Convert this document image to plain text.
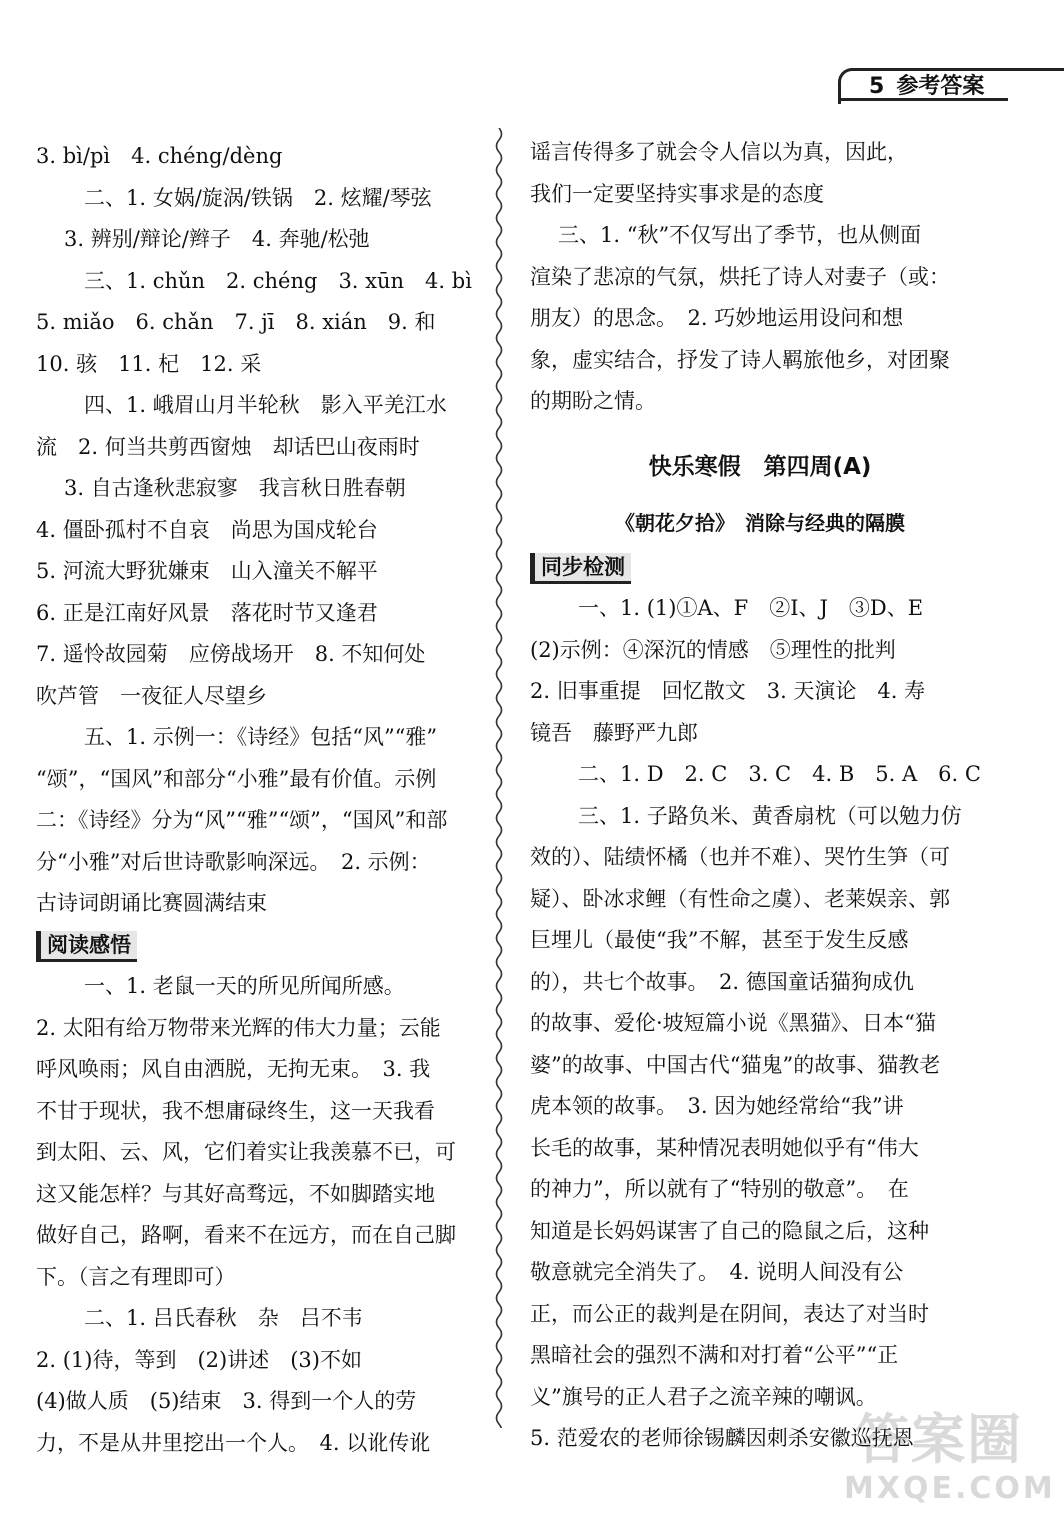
5 参考答案
3. bì/pì　4. chéng/dèng
二、1. 女娲/旋涡/铁锅　2. 炫耀/琴弦
3. 辨别/辩论/辫子　4. 奔驰/松弛
三、1. chǔn　2. chéng　3. xūn　4. bì
5. miǎo　6. chǎn　7. jī　8. xián　9. 和
10. 骇　11. 杞　12. 采
四、1. 峨眉山月半轮秋　影入平羌江水
流　2. 何当共剪西窗烛　却话巴山夜雨时
3. 自古逢秋悲寂寥　我言秋日胜春朝
4. 僵卧孤村不自哀　尚思为国戍轮台
5. 河流大野犹嫌束　山入潼关不解平
6. 正是江南好风景　落花时节又逢君
7. 遥怜故园菊　应傍战场开　8. 不知何处
吹芦管　一夜征人尽望乡
五、1. 示例一：《诗经》包括“风”“雅”
“颂”，“国风”和部分“小雅”最有价值。示例
二：《诗经》分为“风”“雅”“颂”，“国风”和部
分“小雅”对后世诗歌影响深远。　2. 示例：
古诗词朗诵比赛圆满结束
阅读感悟
一、1. 老鼠一天的所见所闻所感。
2. 太阳有给万物带来光辉的伟大力量；云能
呼风唤雨；风自由洒脱，无拘无束。　3. 我
不甘于现状，我不想庸碌终生，这一天我看
到太阳、云、风，它们着实让我羡慕不已，可
这又能怎样？与其好高骛远，不如脚踏实地
做好自己，路啊，看来不在远方，而在自己脚
下。（言之有理即可）
二、1. 吕氏春秋　杂　吕不韦
2. (1)待，等到　(2)讲述　(3)不如
(4)做人质　(5)结束　3. 得到一个人的劳
力，不是从井里挖出一个人。　4. 以讹传讹
谣言传得多了就会令人信以为真，因此，
我们一定要坚持实事求是的态度
三、1. “秋”不仅写出了季节，也从侧面
渲染了悲凉的气氛，烘托了诗人对妻子（或：
朋友）的思念。　2. 巧妙地运用设问和想
象，虚实结合，抒发了诗人羁旅他乡，对团聚
的期盼之情。
快乐寒假　第四周(A)
《朝花夕拾》　消除与经典的隔膜
同步检测
一、1. (1)①A、F　②I、J　③D、E
(2)示例：④深沉的情感　⑤理性的批判
2. 旧事重提　回忆散文　3. 天演论　4. 寿
镜吾　藤野严九郎
二、1. D　2. C　3. C　4. B　5. A　6. C
三、1. 子路负米、黄香扇枕（可以勉力仿
效的）、陆绩怀橘（也并不难）、哭竹生笋（可
疑）、卧冰求鲤（有性命之虞）、老莱娱亲、郭
巨埋儿（最使“我”不解，甚至于发生反感
的），共七个故事。　2. 德国童话猫狗成仇
的故事、爱伦·坡短篇小说《黑猫》、日本“猫
婆”的故事、中国古代“猫鬼”的故事、猫教老
虎本领的故事。　3. 因为她经常给“我”讲
长毛的故事，某种情况表明她似乎有“伟大
的神力”，所以就有了“特别的敬意”。　在
知道是长妈妈谋害了自己的隐鼠之后，这种
敬意就完全消失了。　4. 说明人间没有公
正，而公正的裁判是在阴间，表达了对当时
黑暗社会的强烈不满和对打着“公平”“正
义”旗号的正人君子之流辛辣的嘲讽。
5. 范爱农的老师徐锡麟因刺杀安徽巡抚恩
答案圈
MXQE.COM
